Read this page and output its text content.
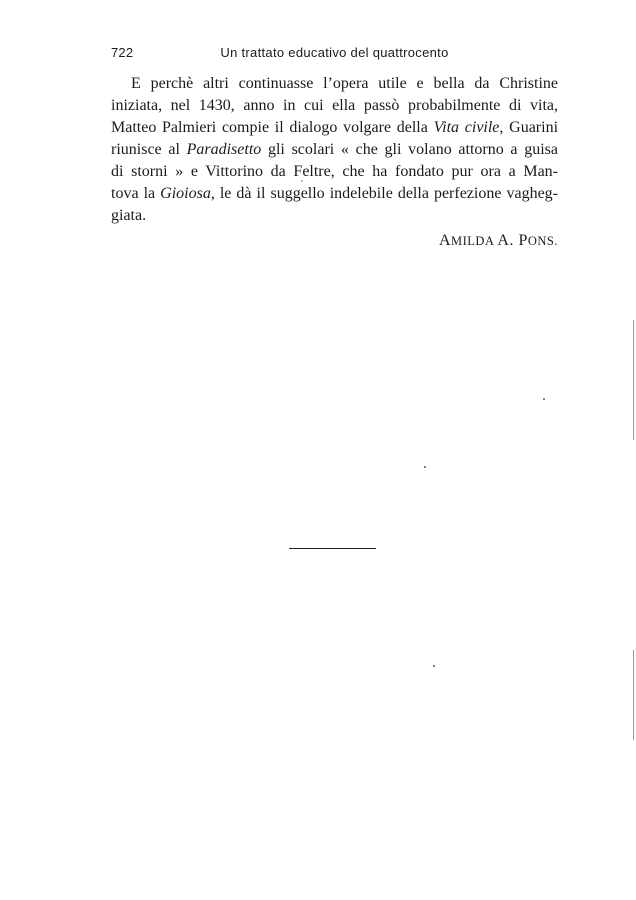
722	Un trattato educativo del quattrocento
E perchè altri continuasse l’opera utile e bella da Christine
iniziata, nel 1430, anno in cui ella passò probabilmente di vita,
Matteo Palmieri compie il dialogo volgare della Vita civile, Guarini
riunisce al Paradisetto gli scolari « che gli volano attorno a guisa
di storni » e Vittorino da Feltre, che ha fondato pur ora a Man-
tova la Gioiosa, le dà il suggello indelebile della perfezione vagheg-
giata.
AMILDA A. PONS.
